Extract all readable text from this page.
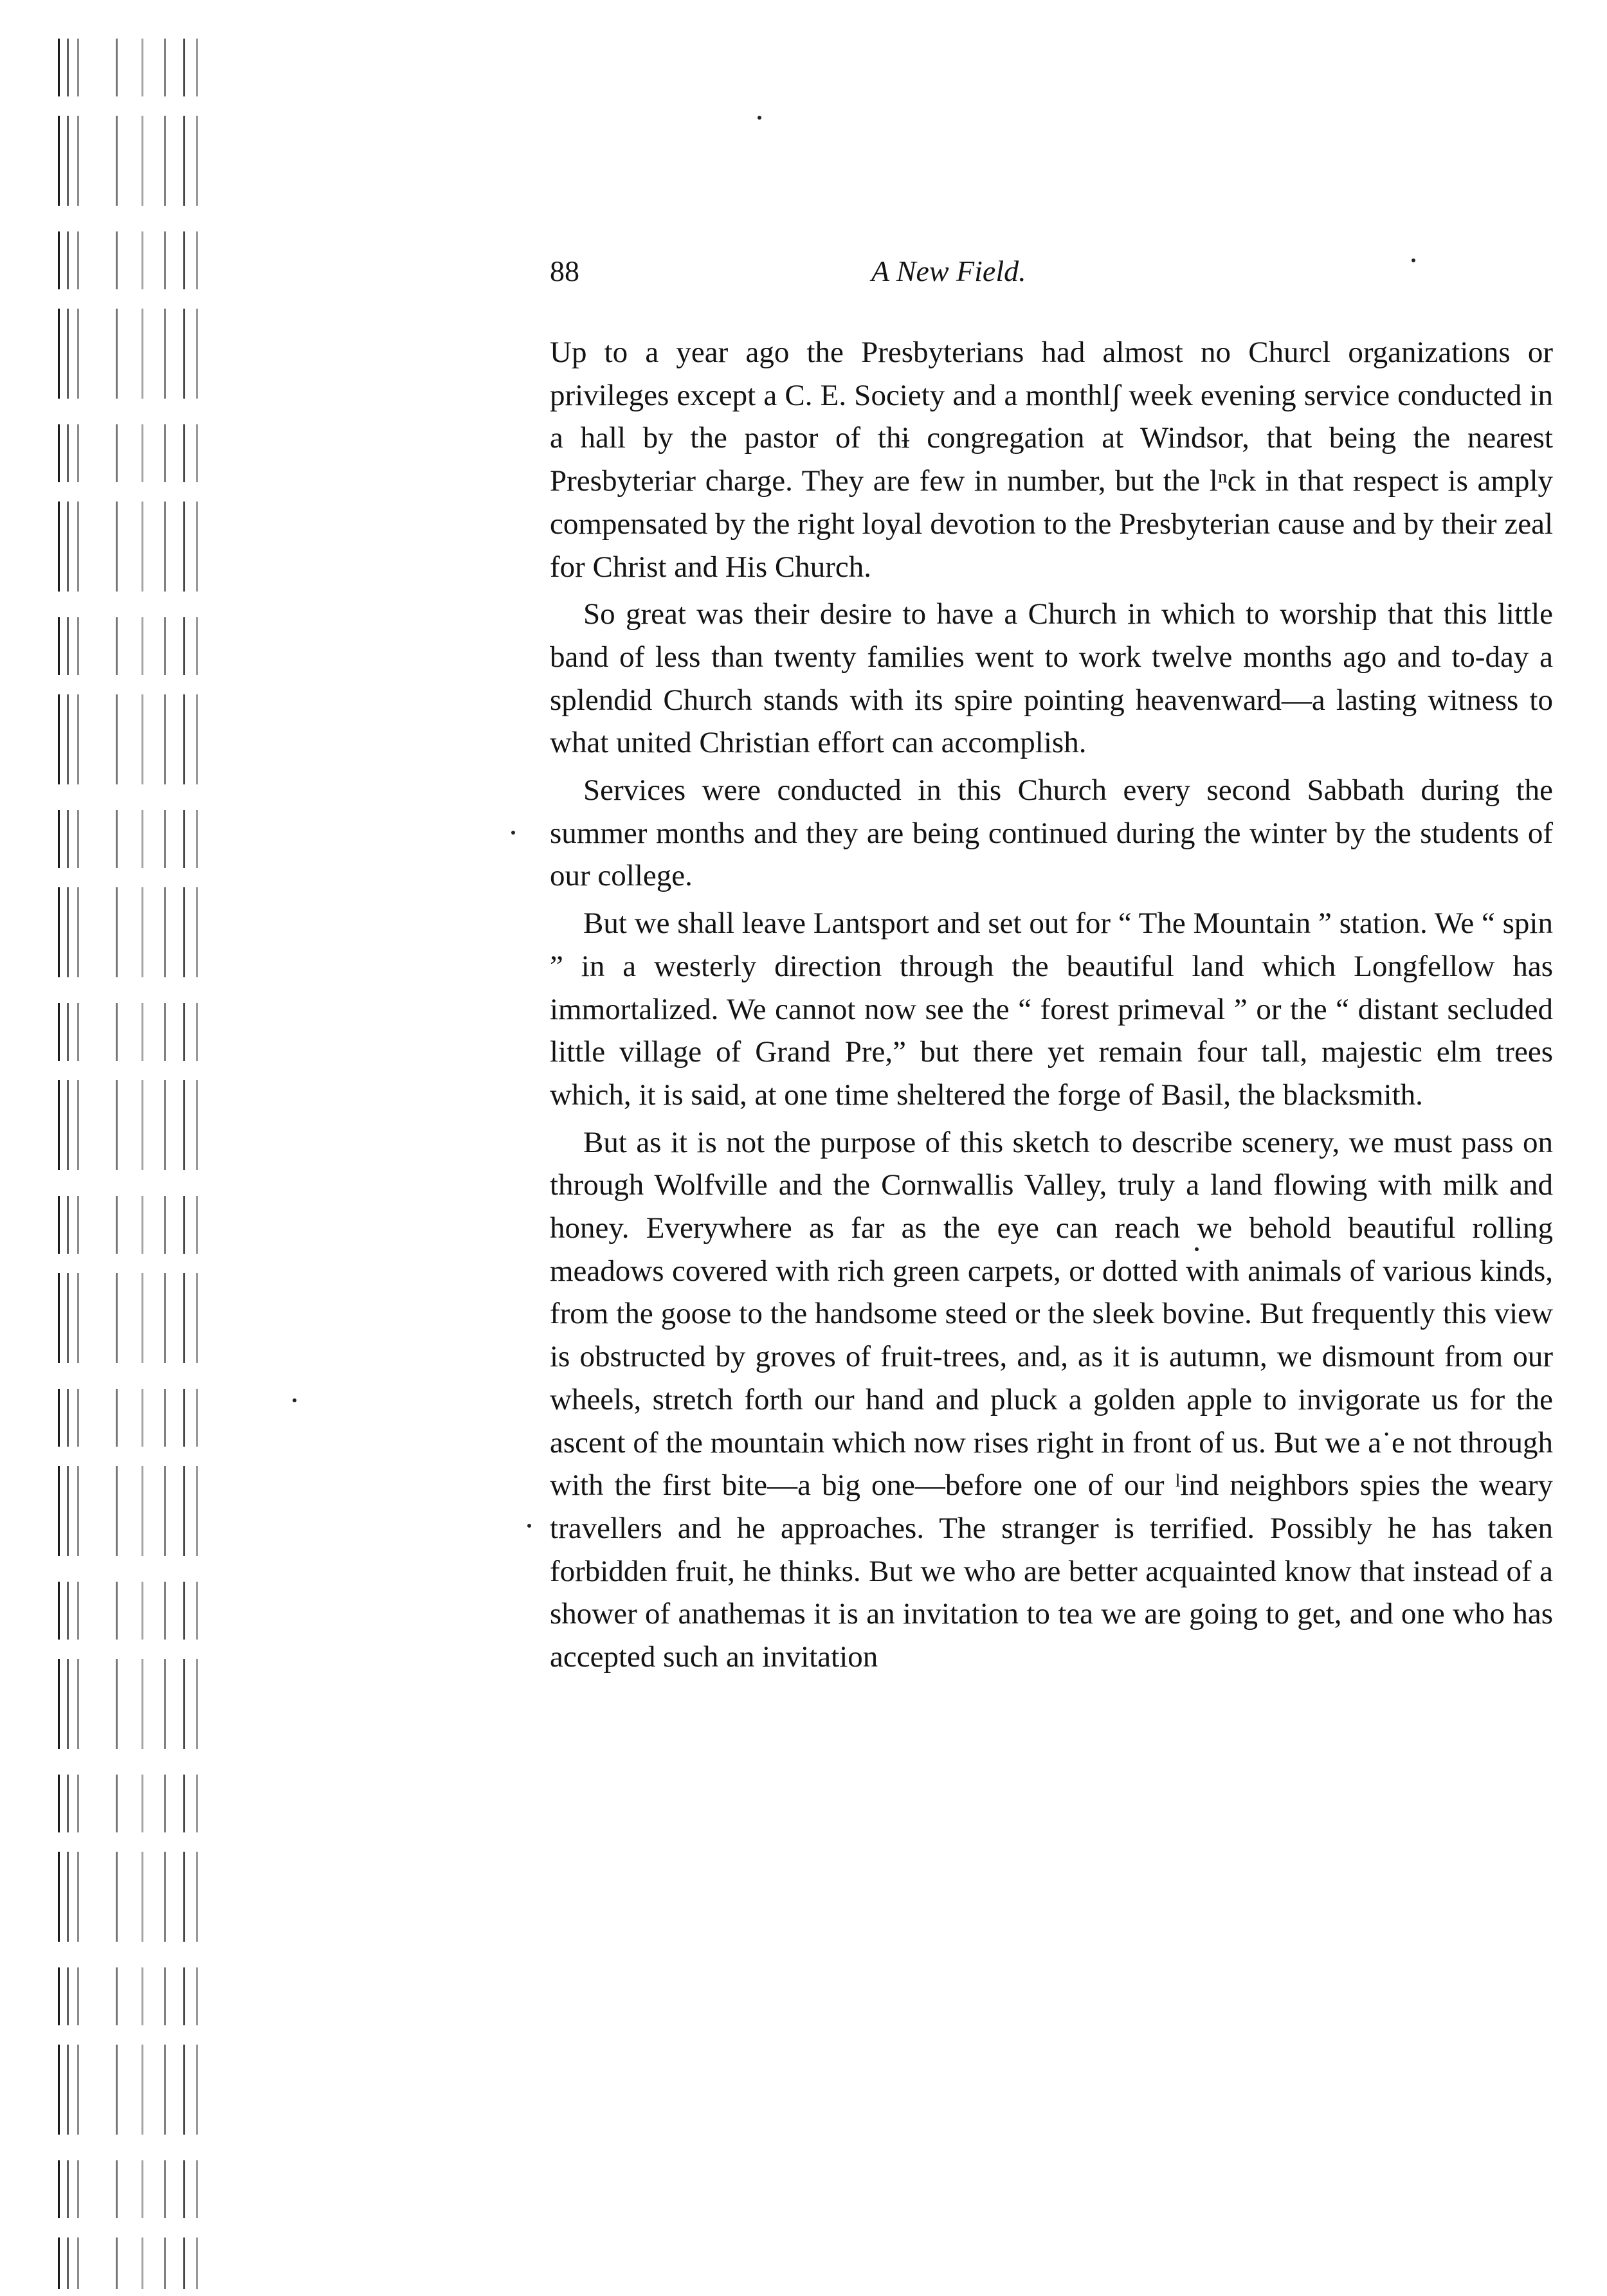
88	A New Field.

Up to a year ago the Presbyterians had almost no Churcl organizations or privileges except a C. E. Society and a monthlʃ week evening service conducted in a hall by the pastor of thɨ congregation at Windsor, that being the nearest Presbyteriar charge. They are few in number, but the lⁿck in that respect is amply compensated by the right loyal devotion to the Presbyterian cause and by their zeal for Christ and His Church.

So great was their desire to have a Church in which to worship that this little band of less than twenty families went to work twelve months ago and to-day a splendid Church stands with its spire pointing heavenward—a lasting witness to what united Christian effort can accomplish.

Services were conducted in this Church every second Sabbath during the summer months and they are being continued during the winter by the students of our college.

But we shall leave Lantsport and set out for “ The Mountain ” station. We “ spin ” in a westerly direction through the beautiful land which Longfellow has immortalized. We cannot now see the “ forest primeval ” or the “ distant secluded little village of Grand Pre,” but there yet remain four tall, majestic elm trees which, it is said, at one time sheltered the forge of Basil, the blacksmith.

But as it is not the purpose of this sketch to describe scenery, we must pass on through Wolfville and the Cornwallis Valley, truly a land flowing with milk and honey. Everywhere as far as the eye can reach we behold beautiful rolling meadows covered with rich green carpets, or dotted with animals of various kinds, from the goose to the handsome steed or the sleek bovine. But frequently this view is obstructed by groves of fruit-trees, and, as it is autumn, we dismount from our wheels, stretch forth our hand and pluck a golden apple to invigorate us for the ascent of the mountain which now rises right in front of us. But we a˙e not through with the first bite—a big one—before one of our ˡind neighbors spies the weary travellers and he approaches. The stranger is terrified. Possibly he has taken forbidden fruit, he thinks. But we who are better acquainted know that instead of a shower of anathemas it is an invitation to tea we are going to get, and one who has accepted such an invitation
